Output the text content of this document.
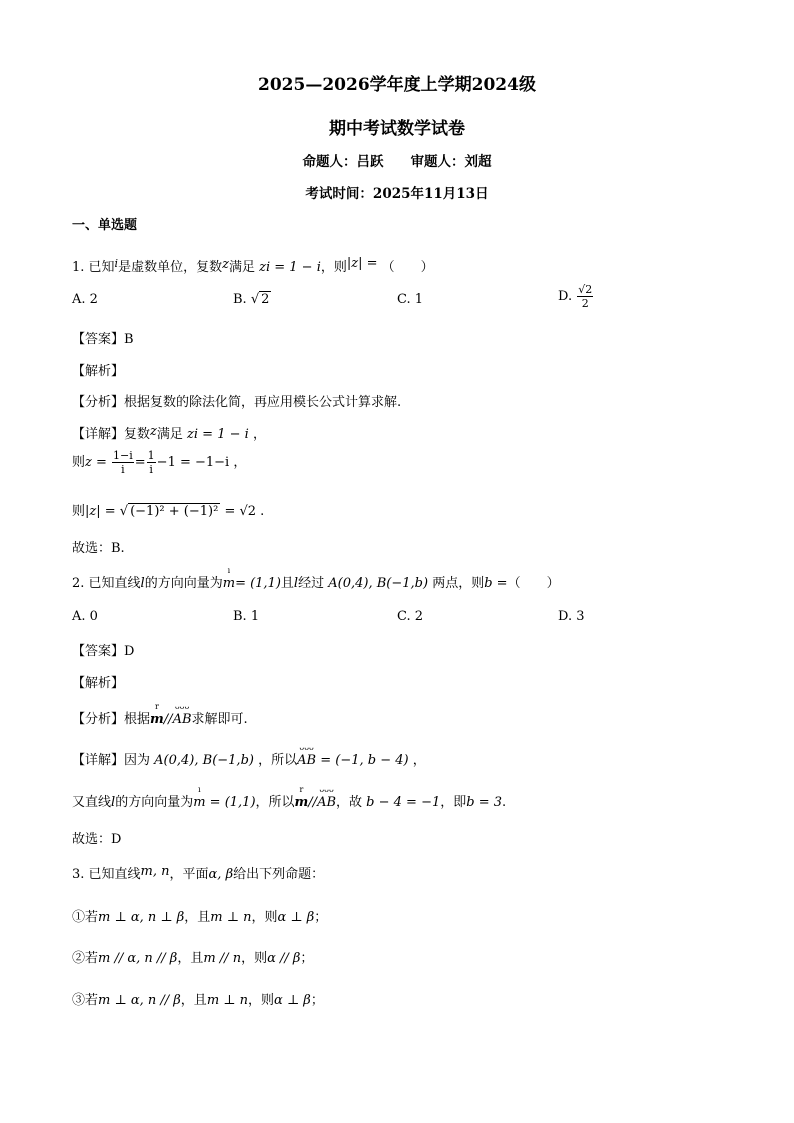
2025—2026学年度上学期2024级
期中考试数学试卷
命题人：吕跃　　审题人：刘超
考试时间：2025年11月13日
一、单选题
1. 已知$^i$是虚数单位，复数z满足 zi = 1 − i，则|z| = （　　）
A. 2	B. √ 2	C. 1	D. $\frac{√2}{2}$
【答案】B
【解析】
【分析】根据复数的除法化简，再应用模长公式计算求解.
【详解】复数z满足 zi = 1 − i ，
则$z = \frac{1-i}{i} = \frac{1}{i} -1 = -1-i$ ，
则|z| = √ (−1)² + (−1)² = √2 .
故选：B.
2. 已知直线l的方向向量为
ı
m= (1,1)且l经过 A(0,4), B(−1,b) 两点，则b =（　　）
A. 0	B. 1	C. 2	D. 3
【答案】D
【解析】
【分析】根据
r
m//
ᴗᴗᴗ
AB求解即可.
【详解】因为 A(0,4), B(−1,b) ，所以
ᴗᴗᴗ
AB = (−1, b − 4) ，
又直线l的方向向量为
ı
m = (1,1)，所以
r
m//
ᴗᴗᴗ
AB，故 b − 4 = −1，即b = 3.
故选：D
3. 已知直线m, n，平面α, β给出下列命题：
①若m ⊥ α, n ⊥ β，且m ⊥ n，则α ⊥ β；
②若m // α, n // β，且m // n，则α // β；
③若m ⊥ α, n // β，且m ⊥ n，则α ⊥ β；
